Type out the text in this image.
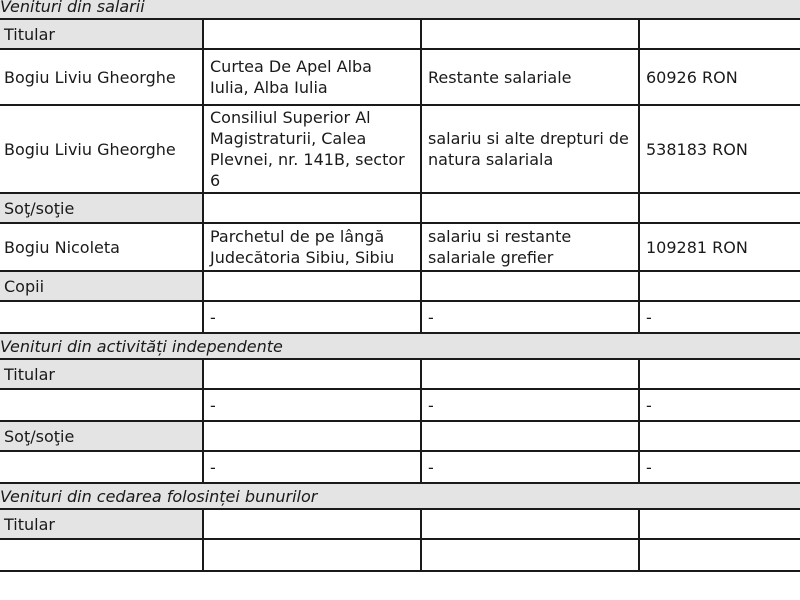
Venituri din salarii			
Titular			
Bogiu Liviu Gheorghe	Curtea De Apel Alba Iulia, Alba Iulia	Restante salariale	60926 RON
Bogiu Liviu Gheorghe	Consiliul Superior Al Magistraturii, Calea Plevnei, nr. 141B, sector 6	salariu si alte drepturi de natura salariala	538183 RON
Soţ/soţie			
Bogiu Nicoleta	Parchetul de pe lângă Judecătoria Sibiu, Sibiu	salariu si restante salariale grefier	109281 RON
Copii			
	-	-	-
Venituri din activități independente			
Titular			
	-	-	-
Soţ/soţie			
	-	-	-
Venituri din cedarea folosinței bunurilor			
Titular			
